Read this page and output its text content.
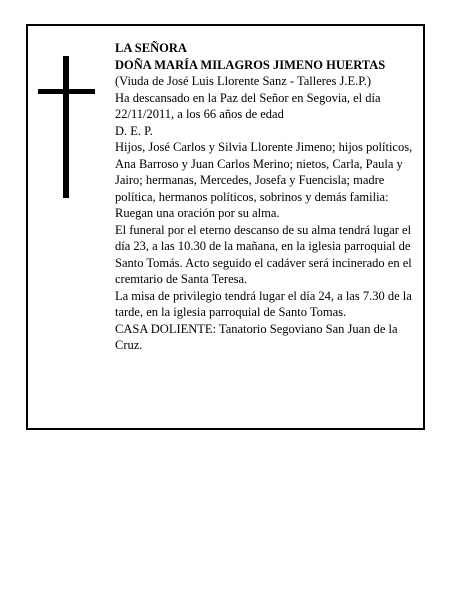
LA SEÑORA

DOÑA MARÍA MILAGROS JIMENO HUERTAS

(Viuda de José Luis Llorente Sanz - Talleres J.E.P.)

Ha descansado en la Paz del Señor en Segovia, el día 22/11/2011, a los 66 años de edad

D. E. P.

Hijos, José Carlos y Silvia Llorente Jimeno; hijos políticos, Ana Barroso y Juan Carlos Merino; nietos, Carla, Paula y Jairo; hermanas, Mercedes, Josefa y Fuencisla; madre política, hermanos políticos, sobrinos y demás familia:

Ruegan una oración por su alma.

El funeral por el eterno descanso de su alma tendrá lugar el día 23, a las 10.30 de la mañana, en la iglesia parroquial de Santo Tomás. Acto seguido el cadáver será incinerado en el cremtario de Santa Teresa.

La misa de privilegio tendrá lugar el día 24, a las 7.30 de la tarde, en la iglesia parroquial de Santo Tomas.

CASA DOLIENTE: Tanatorio Segoviano San Juan de la Cruz.
